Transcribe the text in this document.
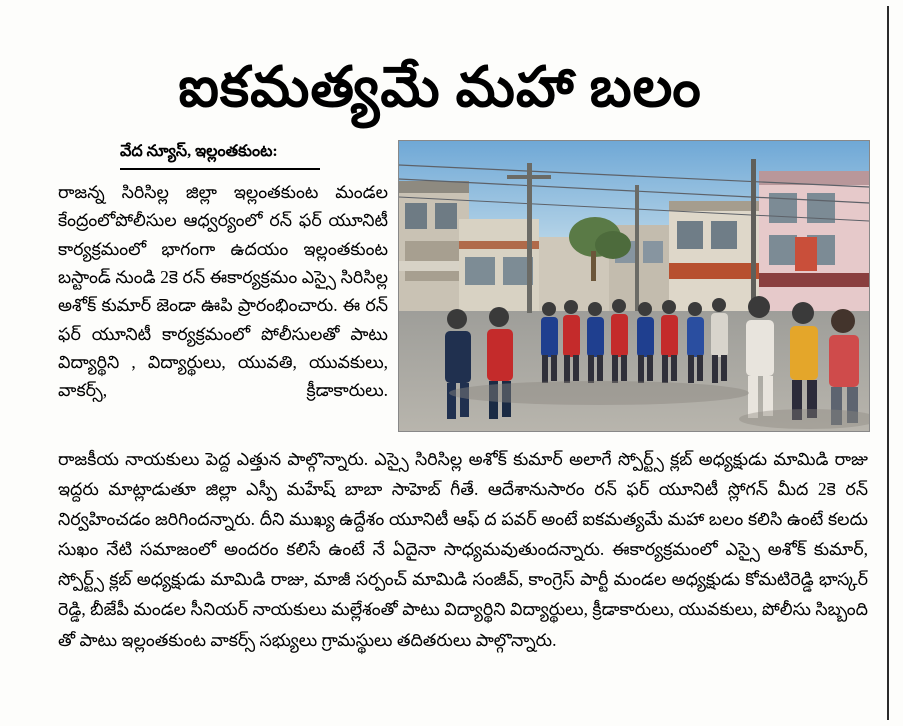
ఐకమత్యమే మహా బలం
వేద న్యూస్, ఇల్లంతకుంట:
రాజన్న సిరిసిల్ల జిల్లా ఇల్లంతకుంట మండల కేంద్రంలోపోలీసుల ఆధ్వర్యంలో రన్ ఫర్ యూనిటీ కార్యక్రమంలో భాగంగా ఉదయం ఇల్లంతకుంట బస్టాండ్ నుండి 2కె రన్ ఈకార్యక్రమం ఎస్సై సిరిసిల్ల అశోక్ కుమార్ జెండా ఊపి ప్రారంభించారు. ఈ రన్ ఫర్ యూనిటీ కార్యక్రమంలో పోలీసులతో పాటు విద్యార్థిని , విద్యార్థులు, యువతి, యువకులు, వాకర్స్, క్రీడాకారులు.
రాజకీయ నాయకులు పెద్ద ఎత్తున పాల్గొన్నారు. ఎస్సై సిరిసిల్ల అశోక్ కుమార్ అలాగే స్పోర్ట్స్ క్లబ్ అధ్యక్షుడు మామిడి రాజు ఇద్దరు మాట్లాడుతూ జిల్లా ఎస్పీ మహేష్ బాబా సాహెబ్ గీతే. ఆదేశానుసారం రన్ ఫర్ యూనిటీ స్లోగన్ మీద 2కె రన్ నిర్వహించడం జరిగిందన్నారు. దీని ముఖ్య ఉద్దేశం యూనిటీ ఆఫ్ ద పవర్ అంటే ఐకమత్యమే మహా బలం కలిసి ఉంటే కలదు సుఖం నేటి సమాజంలో అందరం కలిసే ఉంటే నే ఏదైనా సాధ్యమవుతుందన్నారు. ఈకార్యక్రమంలో ఎస్సై అశోక్ కుమార్, స్పోర్ట్స్ క్లబ్ అధ్యక్షుడు మామిడి రాజు, మాజీ సర్పంచ్ మామిడి సంజీవ్, కాంగ్రెస్ పార్టీ మండల అధ్యక్షుడు కోమటిరెడ్డి భాస్కర్ రెడ్డి, బీజేపీ మండల సీనియర్ నాయకులు మల్లేశంతో పాటు విద్యార్థిని విద్యార్థులు, క్రీడాకారులు, యువకులు, పోలీసు సిబ్బంది తో పాటు ఇల్లంతకుంట వాకర్స్ సభ్యులు గ్రామస్థులు తదితరులు పాల్గొన్నారు.
